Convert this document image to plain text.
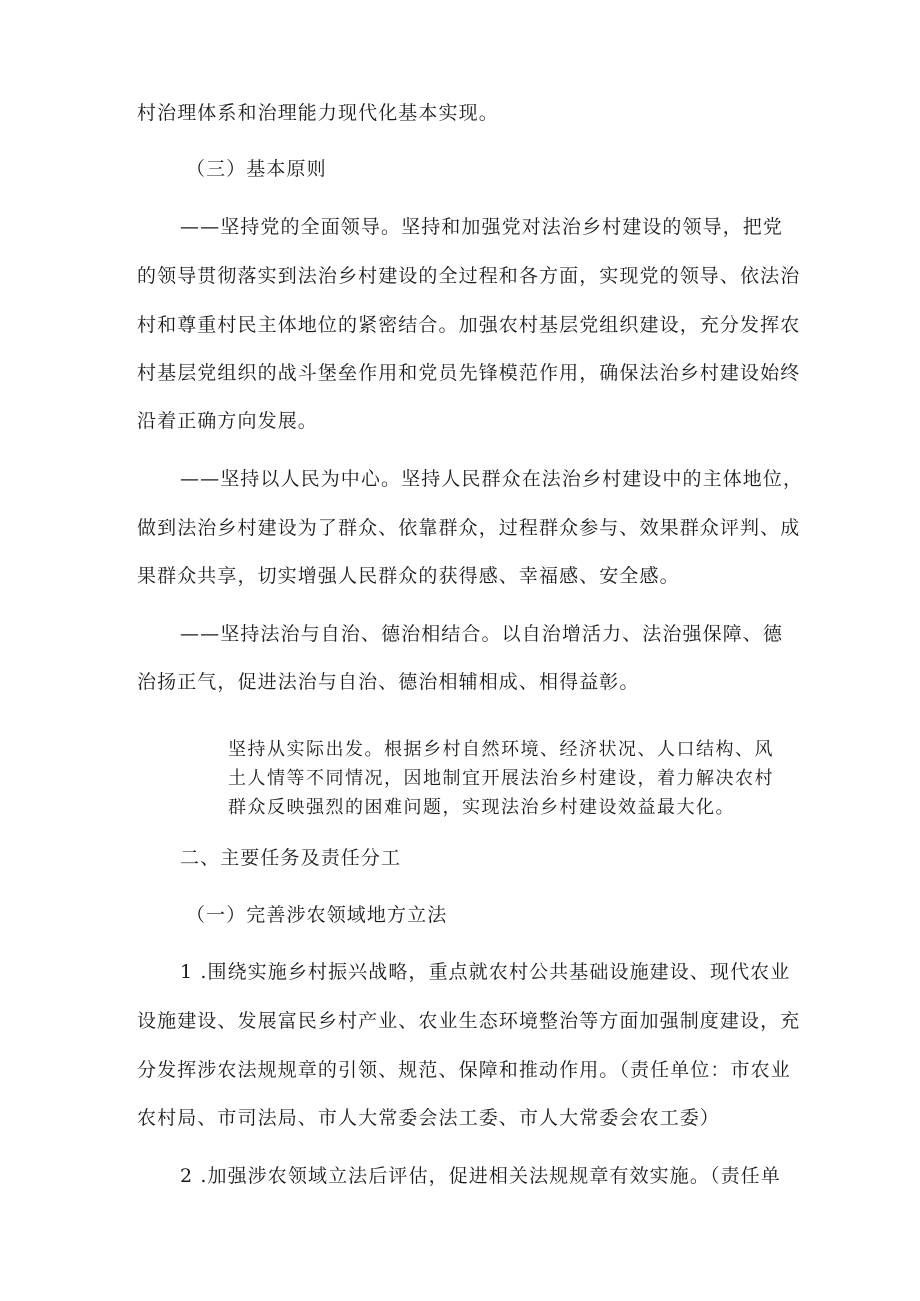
村治理体系和治理能力现代化基本实现。
（三）基本原则
——坚持党的全面领导。坚持和加强党对法治乡村建设的领导，把党
的领导贯彻落实到法治乡村建设的全过程和各方面，实现党的领导、依法治
村和尊重村民主体地位的紧密结合。加强农村基层党组织建设，充分发挥农
村基层党组织的战斗堡垒作用和党员先锋模范作用，确保法治乡村建设始终
沿着正确方向发展。
——坚持以人民为中心。坚持人民群众在法治乡村建设中的主体地位，
做到法治乡村建设为了群众、依靠群众，过程群众参与、效果群众评判、成
果群众共享，切实增强人民群众的获得感、幸福感、安全感。
——坚持法治与自治、德治相结合。以自治增活力、法治强保障、德
治扬正气，促进法治与自治、德治相辅相成、相得益彰。
坚持从实际出发。根据乡村自然环境、经济状况、人口结构、风
土人情等不同情况，因地制宜开展法治乡村建设，着力解决农村
群众反映强烈的困难问题，实现法治乡村建设效益最大化。
二、主要任务及责任分工
（一）完善涉农领域地方立法
1 .围绕实施乡村振兴战略，重点就农村公共基础设施建设、现代农业
设施建设、发展富民乡村产业、农业生态环境整治等方面加强制度建设，充
分发挥涉农法规规章的引领、规范、保障和推动作用。（责任单位：市农业
农村局、市司法局、市人大常委会法工委、市人大常委会农工委）
2 .加强涉农领域立法后评估，促进相关法规规章有效实施。（责任单
